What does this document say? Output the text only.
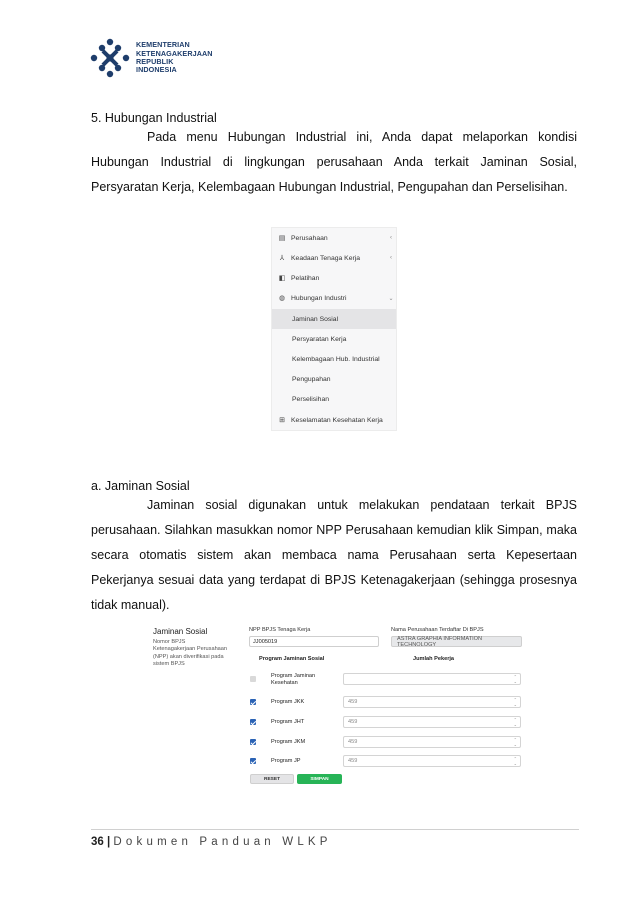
KEMENTERIAN
KETENAGAKERJAAN
REPUBLIK INDONESIA
5. Hubungan Industrial
Pada menu Hubungan Industrial ini, Anda dapat melaporkan kondisi
Hubungan Industrial di lingkungan perusahaan Anda terkait Jaminan Sosial, Persyaratan Kerja, Kelembagaan Hubungan Industrial, Pengupahan dan Perselisihan.
▤ Perusahaan	‹
⅄	Keadaan Tenaga Kerja	‹
◧ Pelatihan
◍ Hubungan Industri	⌄
Jaminan Sosial
Persyaratan Kerja
Kelembagaan Hub. Industrial
Pengupahan
Perselisihan
⊞ Keselamatan Kesehatan Kerja
a. Jaminan Sosial
Jaminan sosial digunakan untuk melakukan pendataan terkait BPJS
perusahaan. Silahkan masukkan nomor NPP Perusahaan kemudian klik Simpan, maka secara otomatis sistem akan membaca nama Perusahaan serta Kepesertaan Pekerjanya sesuai data yang terdapat di BPJS Ketenagakerjaan (sehingga prosesnya tidak manual).
Jaminan Sosial
Nomor BPJS Ketenagakerjaan Perusahaan (NPP) akan diverifikasi pada sistem BPJS
NPP BPJS Tenaga Kerja
JJ005019
Nama Perusahaan Terdaftar Di BPJS
ASTRA GRAPHIA INFORMATION TECHNOLOGY
Program Jaminan Sosial	Jumlah Pekerja
Program Jaminan Kesehatan
⌃
⌄
Program JKK	459	⌃
⌄
Program JHT	459	⌃
⌄
Program JKM	459	⌃
⌄
Program JP	459	⌃
⌄
RESET	SIMPAN
36 | Dokumen Panduan WLKP
